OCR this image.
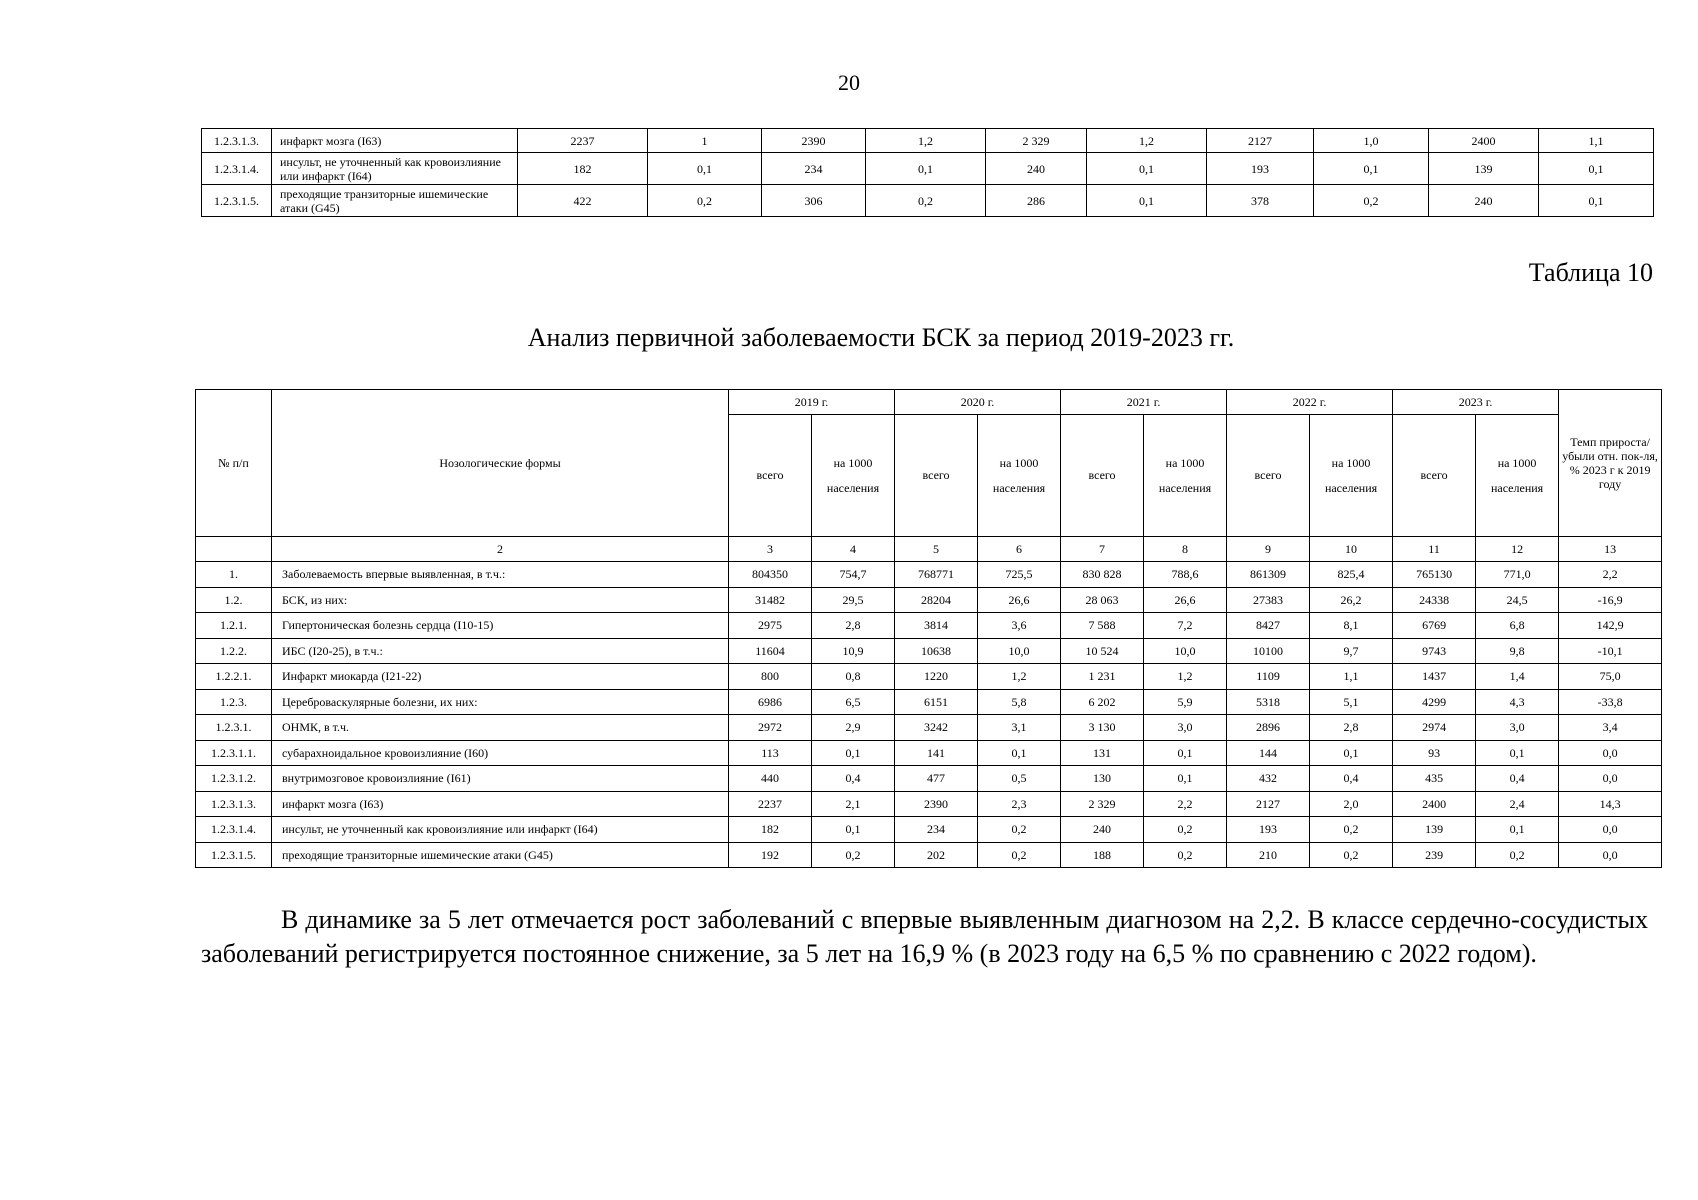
20
1.2.3.1.3.	инфаркт мозга (I63)	2237	1	2390	1,2	2 329	1,2	2127	1,0	2400	1,1
1.2.3.1.4.	инсульт, не уточненный как кровоизлияние или инфаркт (I64)	182	0,1	234	0,1	240	0,1	193	0,1	139	0,1
1.2.3.1.5.	преходящие транзиторные ишемические атаки (G45)	422	0,2	306	0,2	286	0,1	378	0,2	240	0,1
Таблица 10
Анализ первичной заболеваемости БСК за период 2019-2023 гг.
№ п/п	Нозологические формы	2019 г.		2020 г.		2021 г.		2022 г.		2023 г.		Темп прироста/ убыли отн. пок-ля, % 2023 г к 2019 году
		всего	на 1000 населения	всего	на 1000 населения	всего	на 1000 населения	всего	на 1000 населения	всего	на 1000 населения	
	2	3	4	5	6	7	8	9	10	11	12	13
1.	Заболеваемость впервые выявленная, в т.ч.:	804350	754,7	768771	725,5	830 828	788,6	861309	825,4	765130	771,0	2,2
1.2.	БСК, из них:	31482	29,5	28204	26,6	28 063	26,6	27383	26,2	24338	24,5	-16,9
1.2.1.	Гипертоническая болезнь сердца (I10-15)	2975	2,8	3814	3,6	7 588	7,2	8427	8,1	6769	6,8	142,9
1.2.2.	ИБС (I20-25), в т.ч.:	11604	10,9	10638	10,0	10 524	10,0	10100	9,7	9743	9,8	-10,1
1.2.2.1.	Инфаркт миокарда (I21-22)	800	0,8	1220	1,2	1 231	1,2	1109	1,1	1437	1,4	75,0
1.2.3.	Цереброваскулярные болезни, их них:	6986	6,5	6151	5,8	6 202	5,9	5318	5,1	4299	4,3	-33,8
1.2.3.1.	ОНМК, в т.ч.	2972	2,9	3242	3,1	3 130	3,0	2896	2,8	2974	3,0	3,4
1.2.3.1.1.	субарахноидальное кровоизлияние (I60)	113	0,1	141	0,1	131	0,1	144	0,1	93	0,1	0,0
1.2.3.1.2.	внутримозговое кровоизлияние (I61)	440	0,4	477	0,5	130	0,1	432	0,4	435	0,4	0,0
1.2.3.1.3.	инфаркт мозга (I63)	2237	2,1	2390	2,3	2 329	2,2	2127	2,0	2400	2,4	14,3
1.2.3.1.4.	инсульт, не уточненный как кровоизлияние или инфаркт (I64)	182	0,1	234	0,2	240	0,2	193	0,2	139	0,1	0,0
1.2.3.1.5.	преходящие транзиторные ишемические атаки (G45)	192	0,2	202	0,2	188	0,2	210	0,2	239	0,2	0,0
В динамике за 5 лет отмечается рост заболеваний с впервые выявленным диагнозом на 2,2. В классе сердечно-сосудистых заболеваний регистрируется постоянное снижение, за 5 лет на 16,9 % (в 2023 году на 6,5 % по сравнению с 2022 годом).
